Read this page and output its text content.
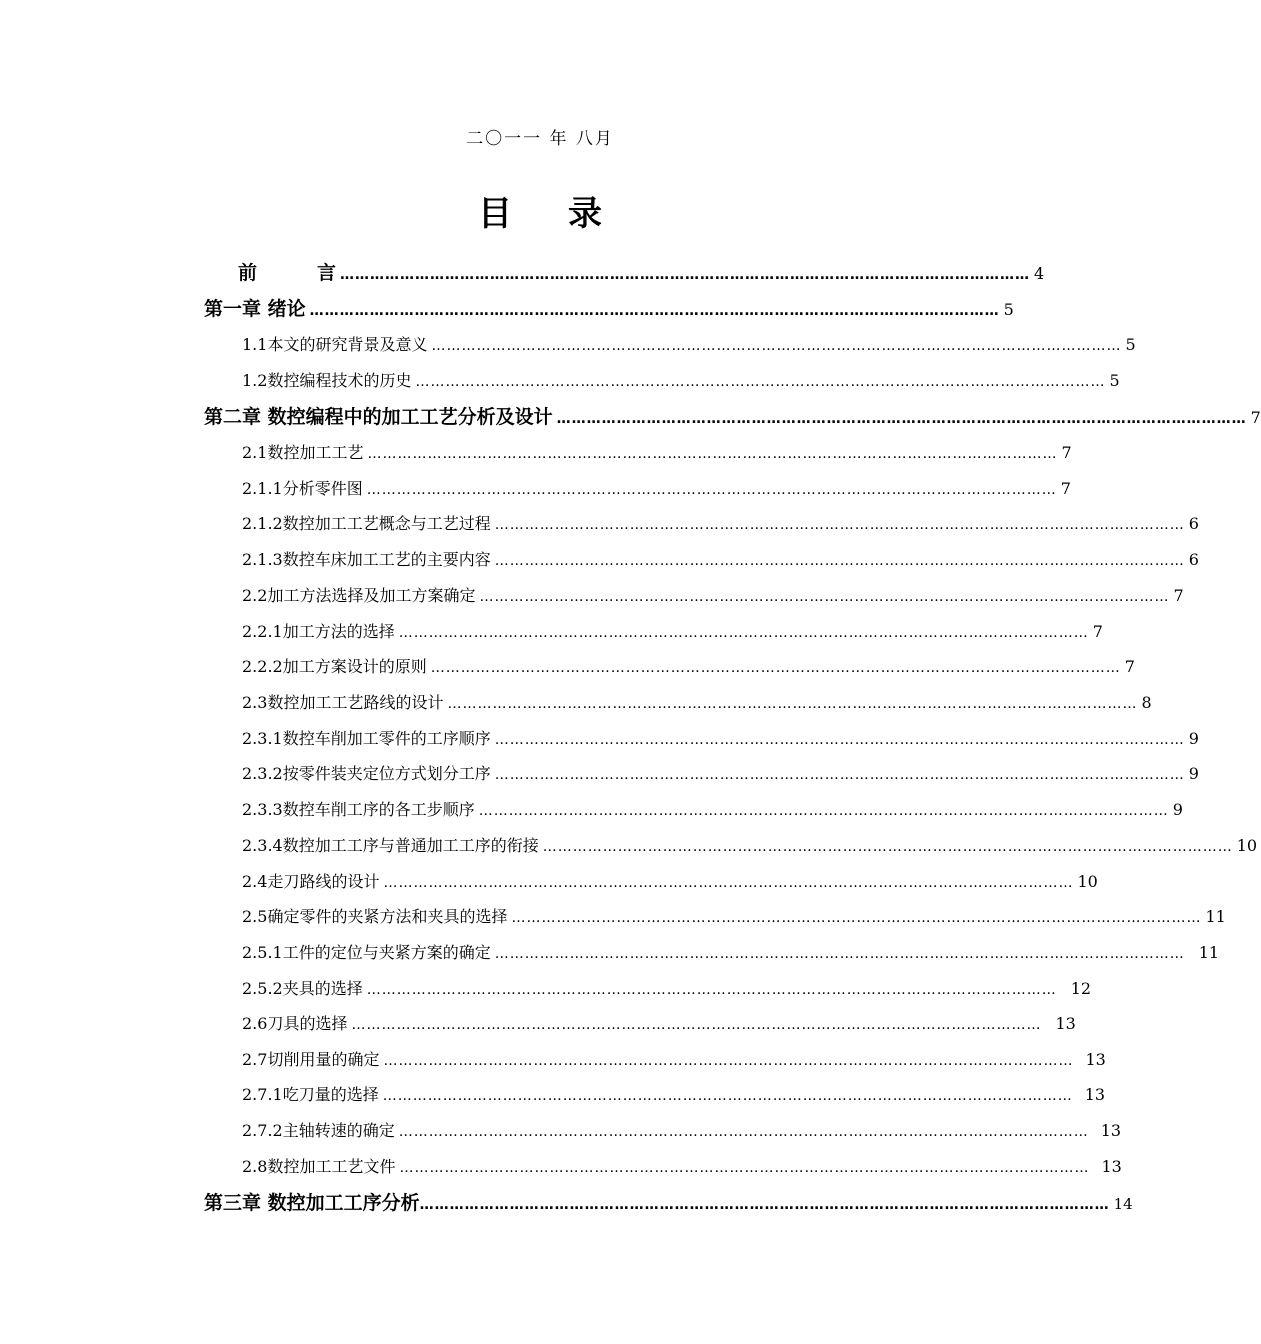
二〇一一 年 八月
目 录
前	言 ………………………………………………………………………………………………………………………… 4
第一章 绪论 ………………………………………………………………………………………………………………………… 5
1.1本文的研究背景及意义 ………………………………………………………………………………………………………………………… 5
1.2数控编程技术的历史 ………………………………………………………………………………………………………………………… 5
第二章 数控编程中的加工工艺分析及设计 ………………………………………………………………………………………………………………………… 7
2.1数控加工工艺 ………………………………………………………………………………………………………………………… 7
2.1.1分析零件图 ………………………………………………………………………………………………………………………… 7
2.1.2数控加工工艺概念与工艺过程 ………………………………………………………………………………………………………………………… 6
2.1.3数控车床加工工艺的主要内容 ………………………………………………………………………………………………………………………… 6
2.2加工方法选择及加工方案确定 ………………………………………………………………………………………………………………………… 7
2.2.1加工方法的选择 ………………………………………………………………………………………………………………………… 7
2.2.2加工方案设计的原则 ………………………………………………………………………………………………………………………… 7
2.3数控加工工艺路线的设计 ………………………………………………………………………………………………………………………… 8
2.3.1数控车削加工零件的工序顺序 ………………………………………………………………………………………………………………………… 9
2.3.2按零件装夹定位方式划分工序 ………………………………………………………………………………………………………………………… 9
2.3.3数控车削工序的各工步顺序 ………………………………………………………………………………………………………………………… 9
2.3.4数控加工工序与普通加工工序的衔接 ………………………………………………………………………………………………………………………… 10
2.4走刀路线的设计 ………………………………………………………………………………………………………………………… 10
2.5确定零件的夹紧方法和夹具的选择 ………………………………………………………………………………………………………………………… 11
2.5.1工件的定位与夹紧方案的确定 ………………………………………………………………………………………………………………………… 11
2.5.2夹具的选择 ………………………………………………………………………………………………………………………… 12
2.6刀具的选择 ………………………………………………………………………………………………………………………… 13
2.7切削用量的确定 ………………………………………………………………………………………………………………………… 13
2.7.1吃刀量的选择 ………………………………………………………………………………………………………………………… 13
2.7.2主轴转速的确定 ………………………………………………………………………………………………………………………… 13
2.8数控加工工艺文件 ………………………………………………………………………………………………………………………… 13
第三章 数控加工工序分析 ………………………………………………………………………………………………………………………… 14
